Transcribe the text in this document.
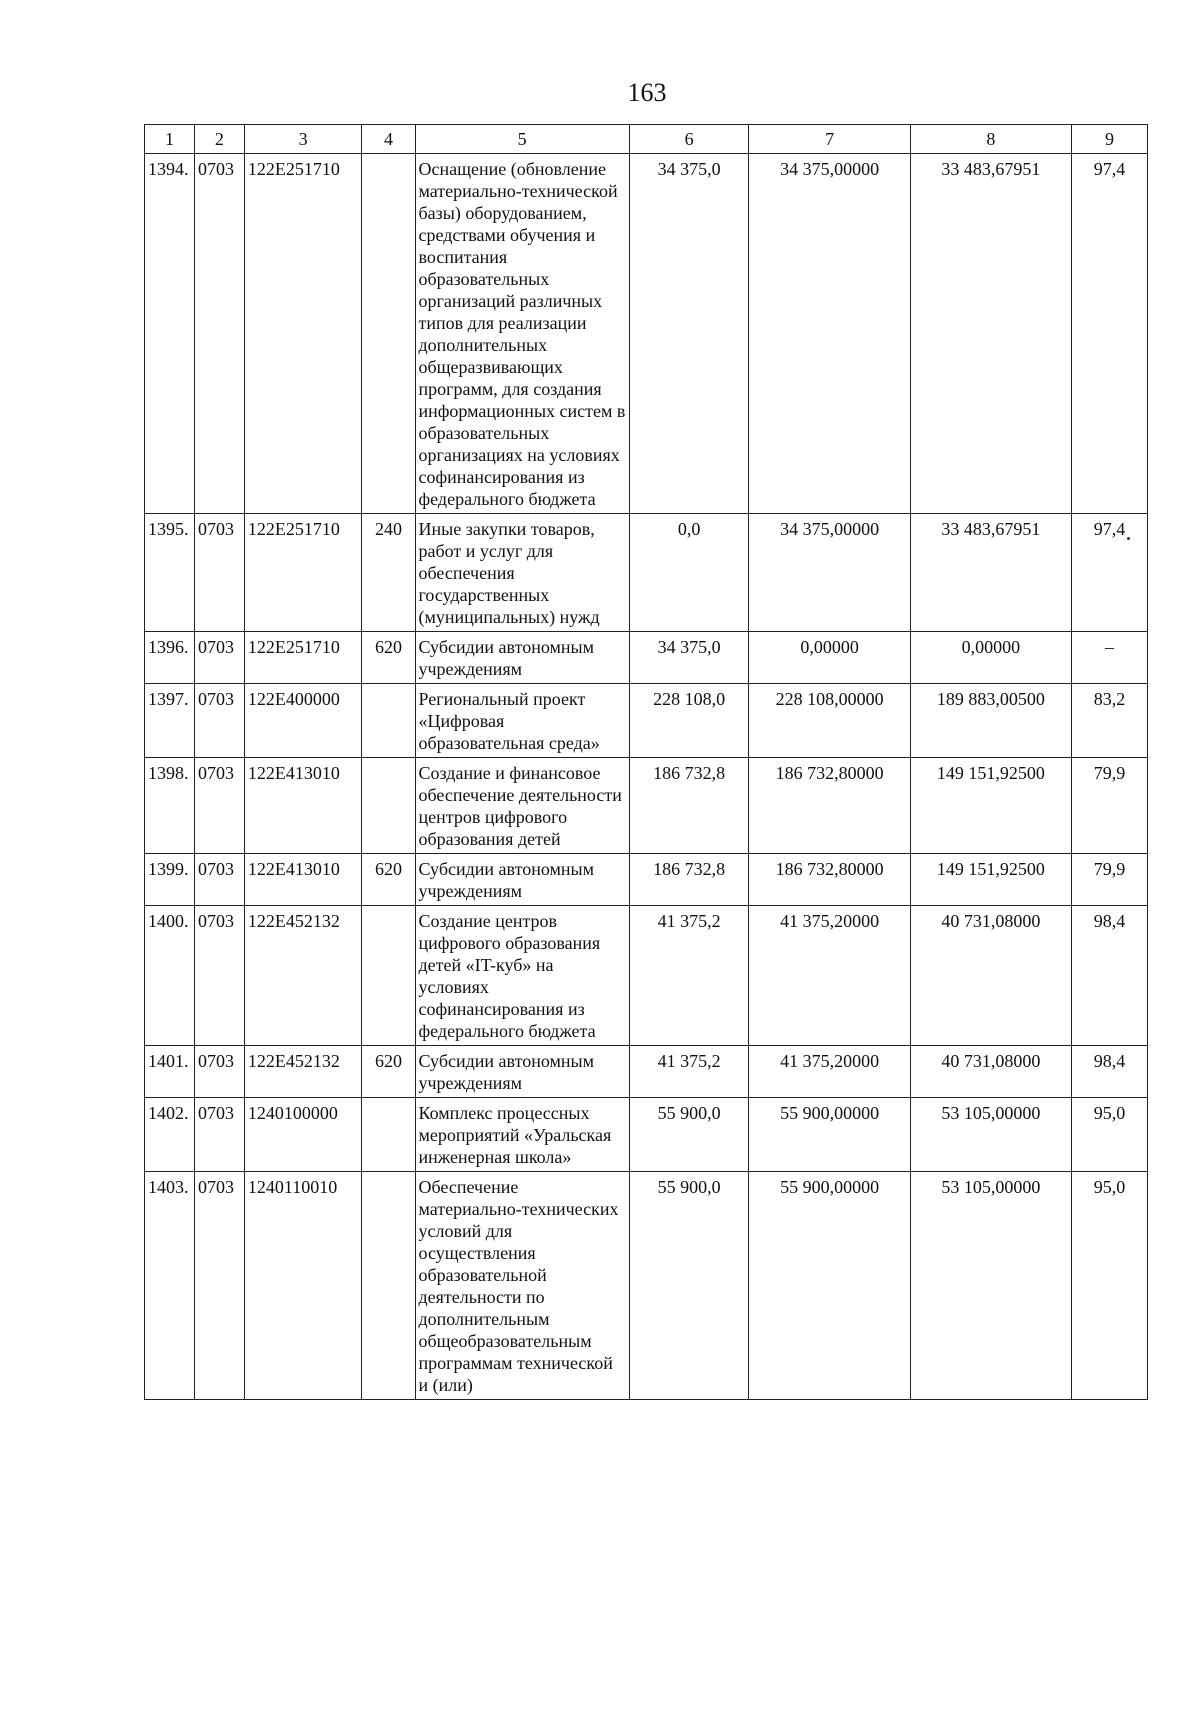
163
1	2	3	4	5	6	7	8	9
1394.	0703	122E251710		Оснащение (обновление материально-технической базы) оборудованием, средствами обучения и воспитания образовательных организаций различных типов для реализации дополнительных общеразвивающих программ, для создания информационных систем в образовательных организациях на условиях софинансирования из федерального бюджета	34 375,0	34 375,00000	33 483,67951	97,4
1395.	0703	122E251710	240	Иные закупки товаров, работ и услуг для обеспечения государственных (муниципальных) нужд	0,0	34 375,00000	33 483,67951	97,4
1396.	0703	122E251710	620	Субсидии автономным учреждениям	34 375,0	0,00000	0,00000	–
1397.	0703	122E400000		Региональный проект «Цифровая образовательная среда»	228 108,0	228 108,00000	189 883,00500	83,2
1398.	0703	122E413010		Создание и финансовое обеспечение деятельности центров цифрового образования детей	186 732,8	186 732,80000	149 151,92500	79,9
1399.	0703	122E413010	620	Субсидии автономным учреждениям	186 732,8	186 732,80000	149 151,92500	79,9
1400.	0703	122E452132		Создание центров цифрового образования детей «IT-куб» на условиях софинансирования из федерального бюджета	41 375,2	41 375,20000	40 731,08000	98,4
1401.	0703	122E452132	620	Субсидии автономным учреждениям	41 375,2	41 375,20000	40 731,08000	98,4
1402.	0703	1240100000		Комплекс процессных мероприятий «Уральская инженерная школа»	55 900,0	55 900,00000	53 105,00000	95,0
1403.	0703	1240110010		Обеспечение материально-технических условий для осуществления образовательной деятельности по дополнительным общеобразовательным программам технической и (или)	55 900,0	55 900,00000	53 105,00000	95,0
